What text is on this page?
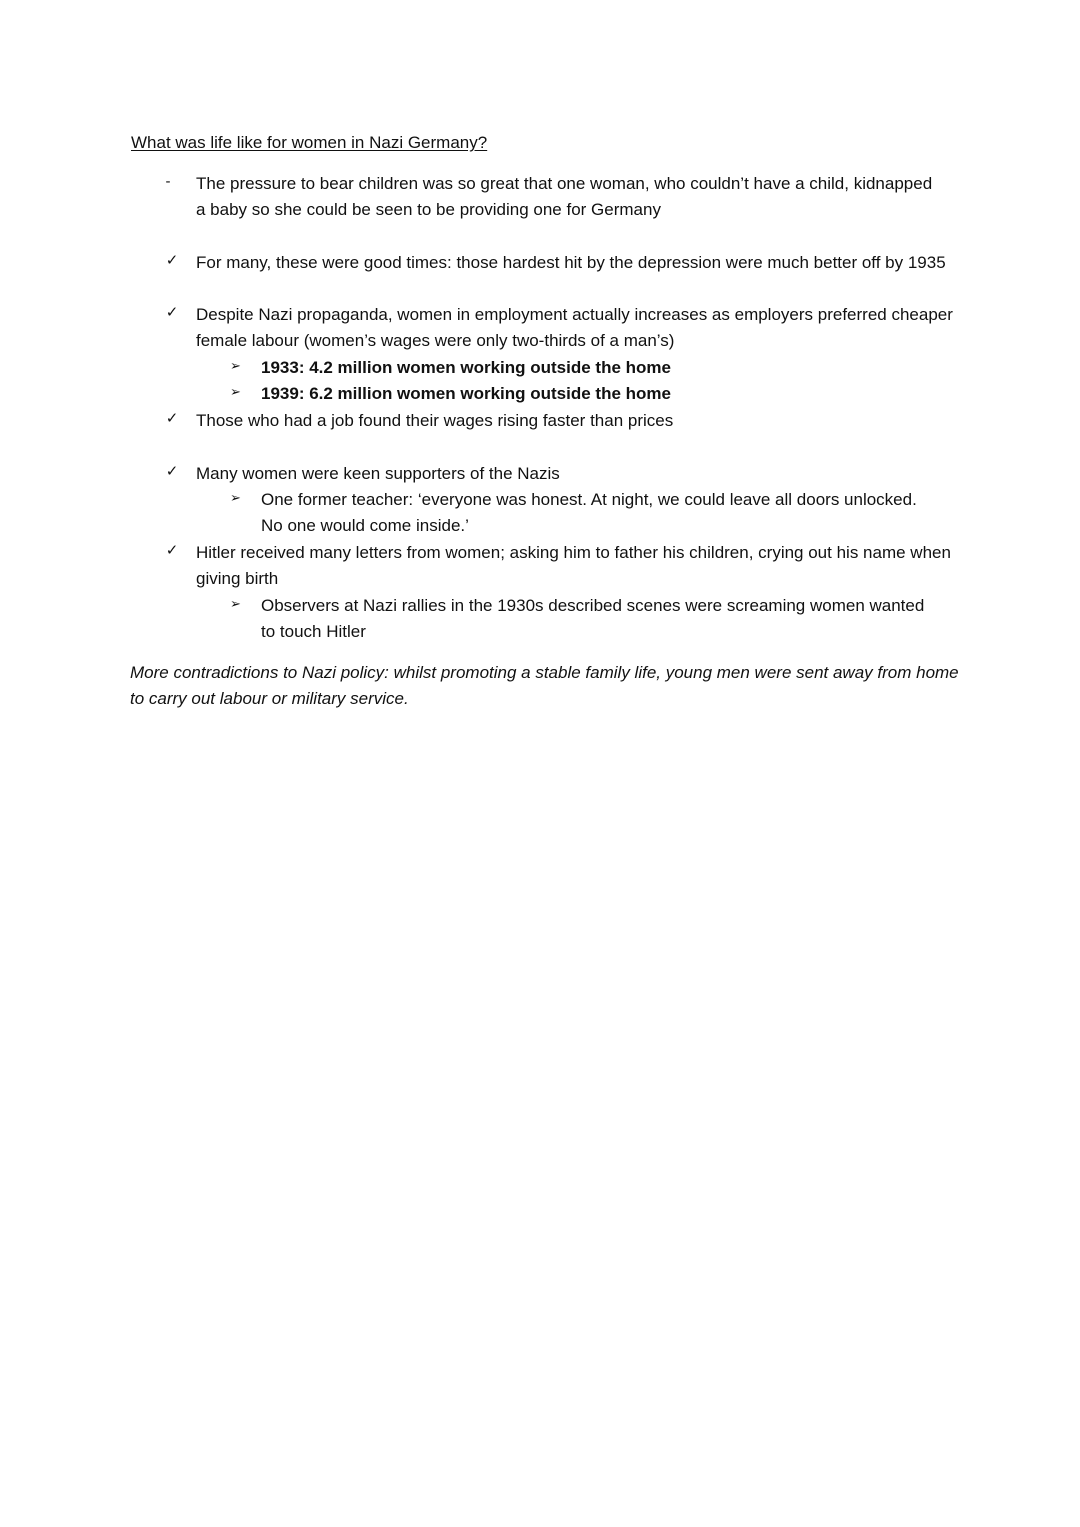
What was life like for women in Nazi Germany?
-	The pressure to bear children was so great that one woman, who couldn’t have a child, kidnapped a baby so she could be seen to be providing one for Germany
✓ For many, these were good times: those hardest hit by the depression were much better off by 1935
✓ Despite Nazi propaganda, women in employment actually increases as employers preferred cheaper female labour (women’s wages were only two-thirds of a man’s)
➢ 1933: 4.2 million women working outside the home
➢ 1939: 6.2 million women working outside the home
✓ Those who had a job found their wages rising faster than prices
✓ Many women were keen supporters of the Nazis
➢ One former teacher: ‘everyone was honest. At night, we could leave all doors unlocked. No one would come inside.’
✓ Hitler received many letters from women; asking him to father his children, crying out his name when giving birth
➢ Observers at Nazi rallies in the 1930s described scenes were screaming women wanted to touch Hitler
More contradictions to Nazi policy: whilst promoting a stable family life, young men were sent away from home to carry out labour or military service.
